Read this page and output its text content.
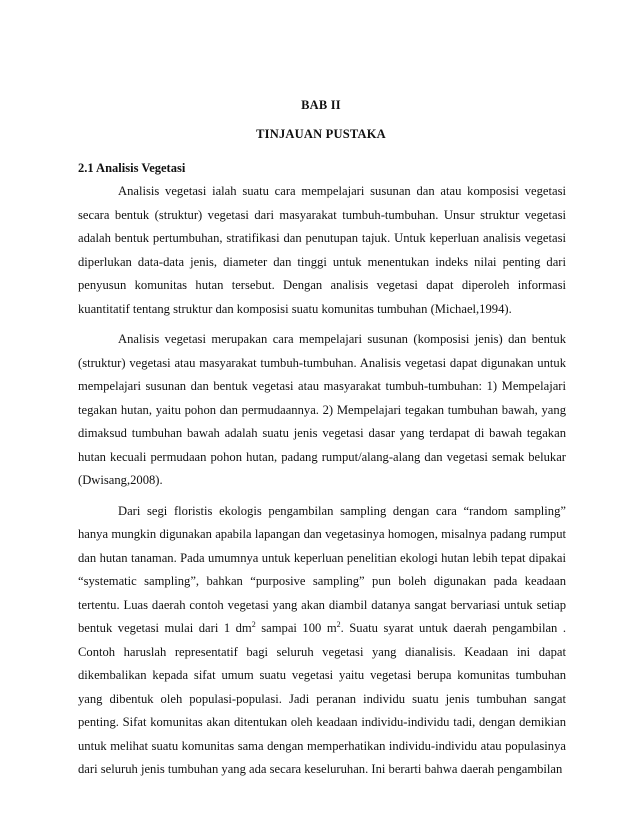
BAB II
TINJAUAN PUSTAKA
2.1 Analisis Vegetasi

Analisis vegetasi ialah suatu cara mempelajari susunan dan atau komposisi vegetasi secara bentuk (struktur) vegetasi dari masyarakat tumbuh-tumbuhan. Unsur struktur vegetasi adalah bentuk pertumbuhan, stratifikasi dan penutupan tajuk. Untuk keperluan analisis vegetasi diperlukan data-data jenis, diameter dan tinggi untuk menentukan indeks nilai penting dari penyusun komunitas hutan tersebut. Dengan analisis vegetasi dapat diperoleh informasi kuantitatif tentang struktur dan komposisi suatu komunitas tumbuhan (Michael,1994).

Analisis vegetasi merupakan cara mempelajari susunan (komposisi jenis) dan bentuk (struktur) vegetasi atau masyarakat tumbuh-tumbuhan. Analisis vegetasi dapat digunakan untuk mempelajari susunan dan bentuk vegetasi atau masyarakat tumbuh-tumbuhan: 1) Mempelajari tegakan hutan, yaitu pohon dan permudaannya. 2) Mempelajari tegakan tumbuhan bawah, yang dimaksud tumbuhan bawah adalah suatu jenis vegetasi dasar yang terdapat di bawah tegakan hutan kecuali permudaan pohon hutan, padang rumput/alang-alang dan vegetasi semak belukar (Dwisang,2008).

Dari segi floristis ekologis pengambilan sampling dengan cara “random sampling” hanya mungkin digunakan apabila lapangan dan vegetasinya homogen, misalnya padang rumput dan hutan tanaman. Pada umumnya untuk keperluan penelitian ekologi hutan lebih tepat dipakai “systematic sampling”, bahkan “purposive sampling” pun boleh digunakan pada keadaan tertentu. Luas daerah contoh vegetasi yang akan diambil datanya sangat bervariasi untuk setiap bentuk vegetasi mulai dari 1 $dm^2$ sampai 100 $m^2$. Suatu syarat untuk daerah pengambilan . Contoh haruslah representatif bagi seluruh vegetasi yang dianalisis. Keadaan ini dapat dikembalikan kepada sifat umum suatu vegetasi yaitu vegetasi berupa komunitas tumbuhan yang dibentuk oleh populasi-populasi. Jadi peranan individu suatu jenis tumbuhan sangat penting. Sifat komunitas akan ditentukan oleh keadaan individu-individu tadi, dengan demikian untuk melihat suatu komunitas sama dengan memperhatikan individu-individu atau populasinya dari seluruh jenis tumbuhan yang ada secara keseluruhan. Ini berarti bahwa daerah pengambilan
